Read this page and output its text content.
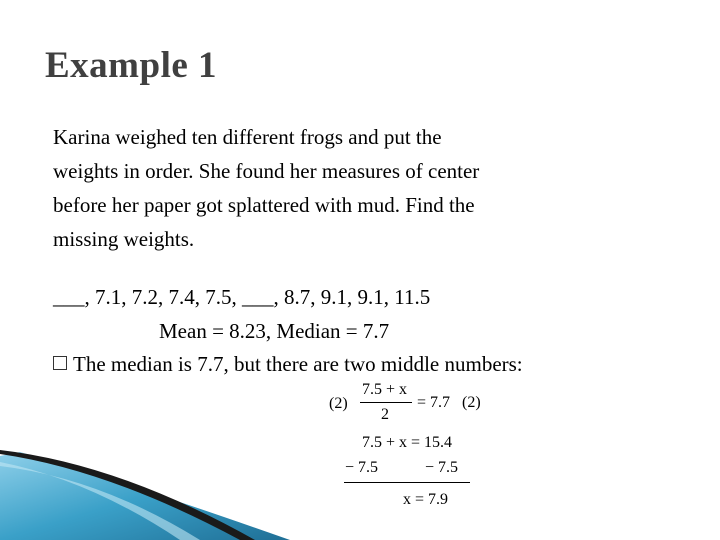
Example 1
Karina weighed ten different frogs and put the
weights in order. She found her measures of center
before her paper got splattered with mud. Find the
missing weights.
___, 7.1, 7.2, 7.4, 7.5, ___, 8.7, 9.1, 9.1, 11.5
Mean = 8.23, Median = 7.7
The median is 7.7, but there are two middle numbers:
(2)
7.5 + x
2
= 7.7 (2)
7.5 + x = 15.4
− 7.5	− 7.5
x = 7.9
